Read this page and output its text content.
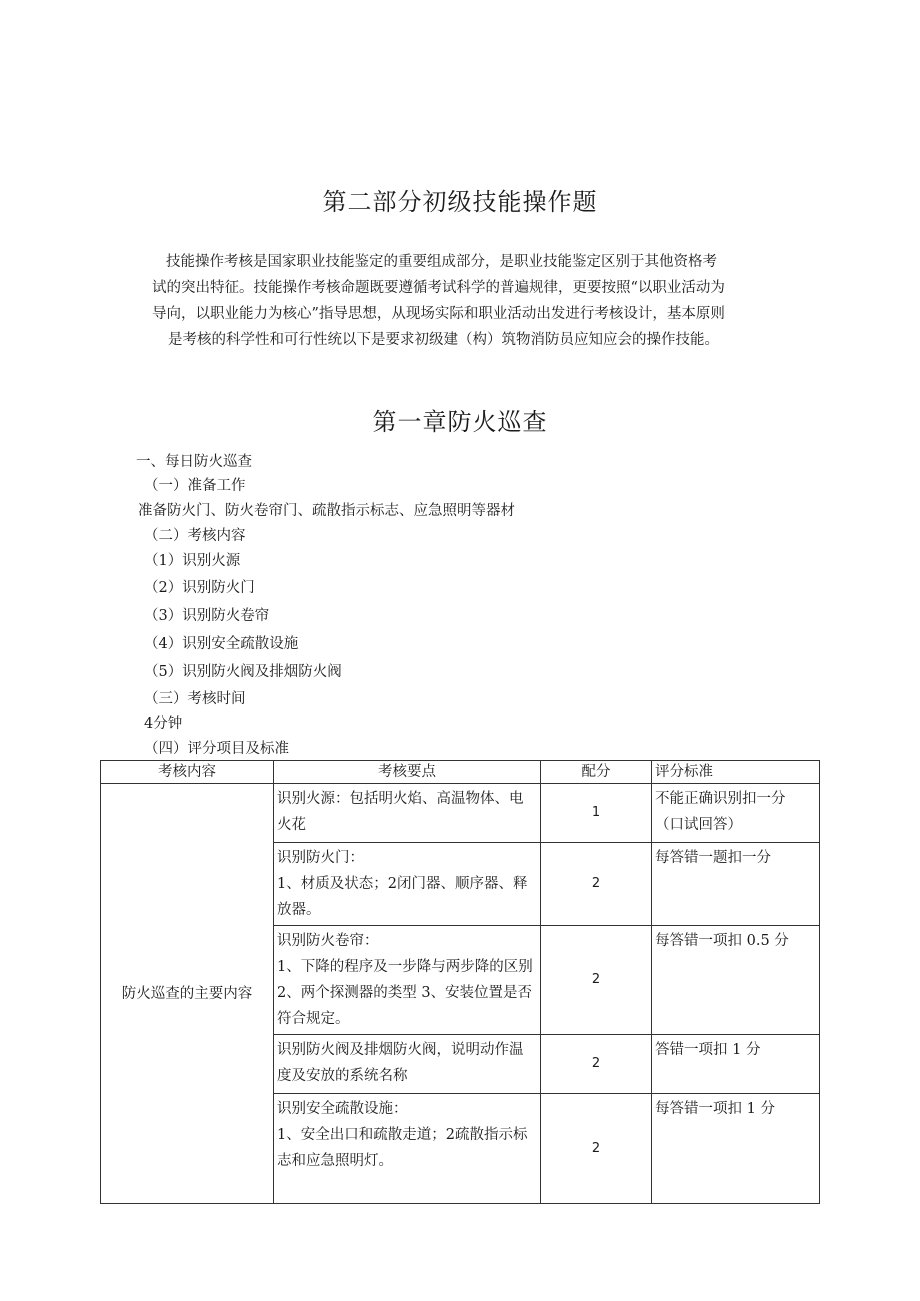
第二部分初级技能操作题

技能操作考核是国家职业技能鉴定的重要组成部分，是职业技能鉴定区别于其他资格考

试的突出特征。技能操作考核命题既要遵循考试科学的普遍规律，更要按照“以职业活动为

导向，以职业能力为核心”指导思想，从现场实际和职业活动出发进行考核设计，基本原则

是考核的科学性和可行性统以下是要求初级建（构）筑物消防员应知应会的操作技能。

第一章防火巡查
一、每日防火巡查
（一）准备工作
准备防火门、防火卷帘门、疏散指示标志、应急照明等器材
（二）考核内容
（1）识别火源
（2）识别防火门
（3）识别防火卷帘
（4）识别安全疏散设施
（5）识别防火阀及排烟防火阀
（三）考核时间
4分钟
（四）评分项目及标准
考核内容	考核要点	配分	评分标准
防火巡查的主要内容	识别火源：包括明火焰、高温物体、电
火花	1	不能正确识别扣一分
（口试回答）
	识别防火门：
1、材质及状态；2闭门器、顺序器、释
放器。	2	每答错一题扣一分
	识别防火卷帘：
1、下降的程序及一步降与两步降的区别
2、两个探测器的类型 3、安装位置是否
符合规定。	2	每答错一项扣 0.5 分
	识别防火阀及排烟防火阀，说明动作温
度及安放的系统名称	2	答错一项扣 1 分
	识别安全疏散设施：
1、安全出口和疏散走道；2疏散指示标
志和应急照明灯。	2	每答错一项扣 1 分
